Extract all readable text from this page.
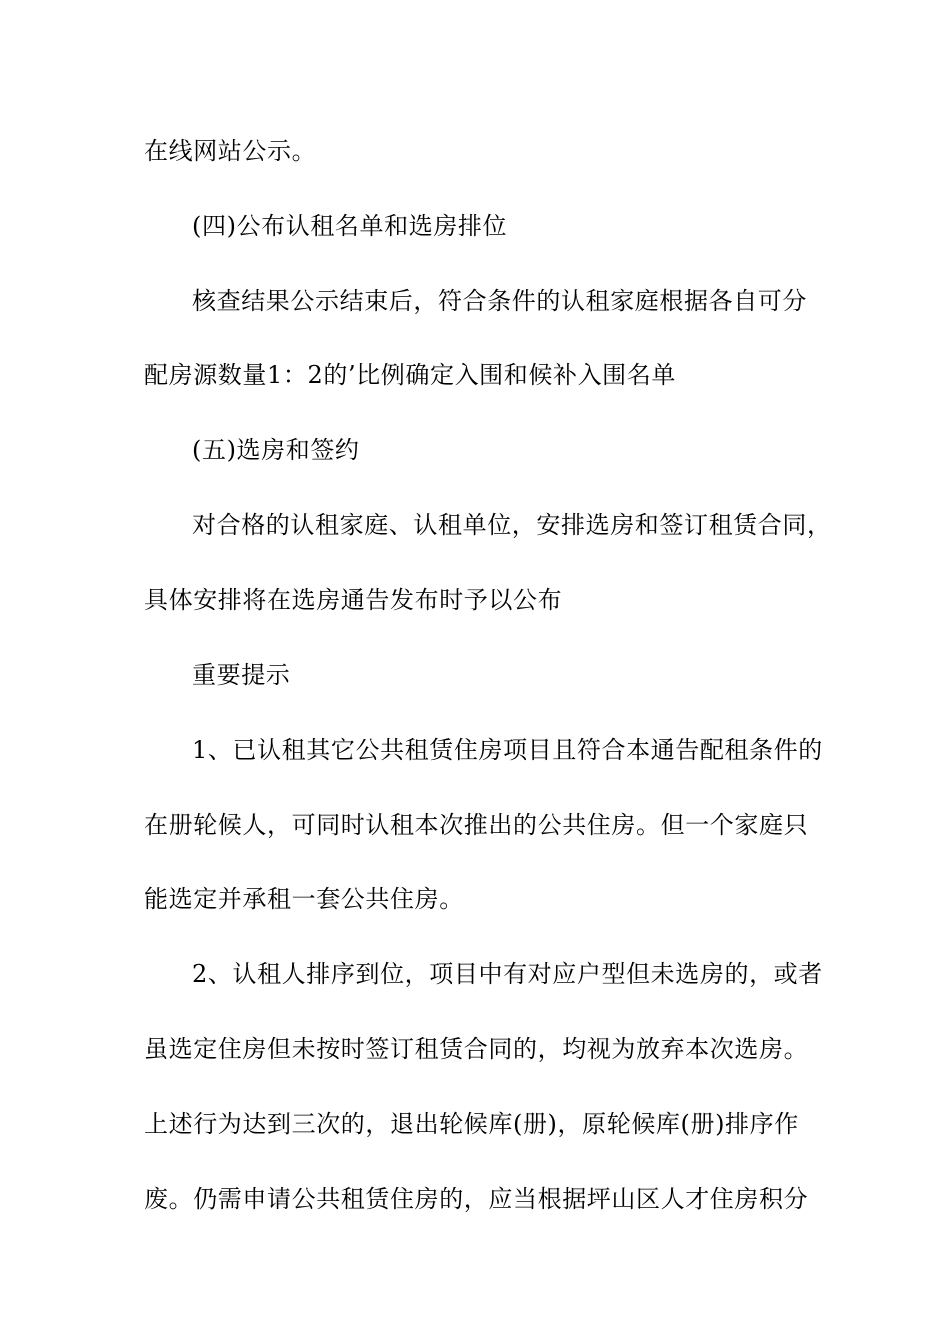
在线网站公示。

(四)公布认租名单和选房排位

核查结果公示结束后，符合条件的认租家庭根据各自可分

配房源数量1：2的’比例确定入围和候补入围名单

(五)选房和签约

对合格的认租家庭、认租单位，安排选房和签订租赁合同，

具体安排将在选房通告发布时予以公布

重要提示

1、已认租其它公共租赁住房项目且符合本通告配租条件的

在册轮候人，可同时认租本次推出的公共住房。但一个家庭只

能选定并承租一套公共住房。

2、认租人排序到位，项目中有对应户型但未选房的，或者

虽选定住房但未按时签订租赁合同的，均视为放弃本次选房。

上述行为达到三次的，退出轮候库(册)，原轮候库(册)排序作

废。仍需申请公共租赁住房的，应当根据坪山区人才住房积分
